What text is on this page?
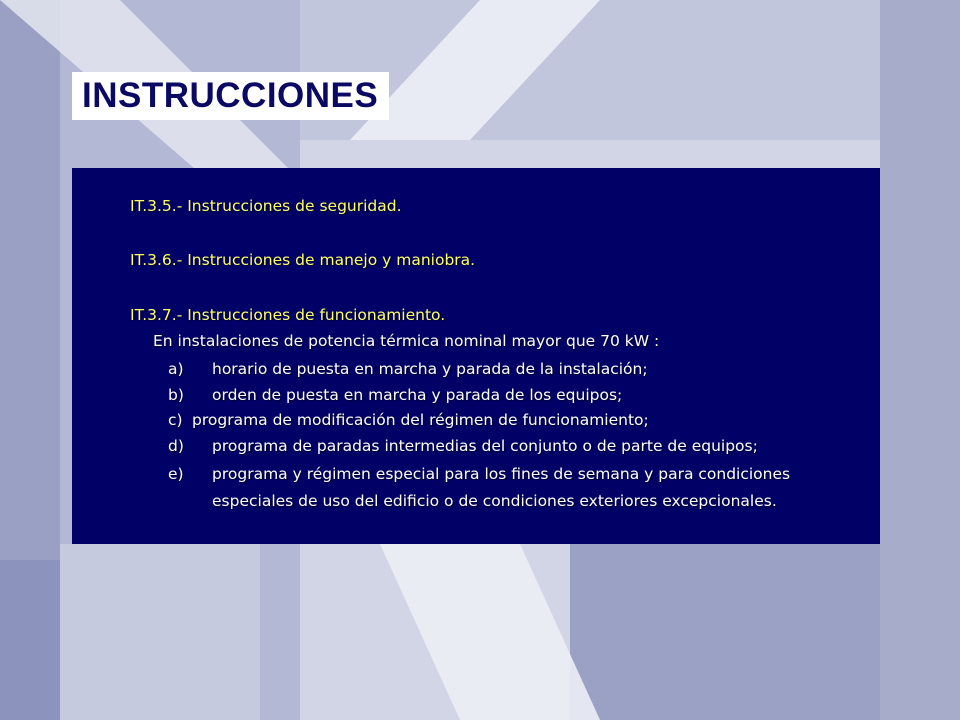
INSTRUCCIONES
IT.3.5.- Instrucciones de seguridad.
IT.3.6.- Instrucciones de manejo y maniobra.
IT.3.7.- Instrucciones de funcionamiento.
En instalaciones de potencia térmica nominal mayor que 70 kW :
a) horario de puesta en marcha y parada de la instalación;
b) orden de puesta en marcha y parada de los equipos;
c) programa de modificación del régimen de funcionamiento;
d) programa de paradas intermedias del conjunto o de parte de equipos;
e) programa y régimen especial para los fines de semana y para condiciones
especiales de uso del edificio o de condiciones exteriores excepcionales.
